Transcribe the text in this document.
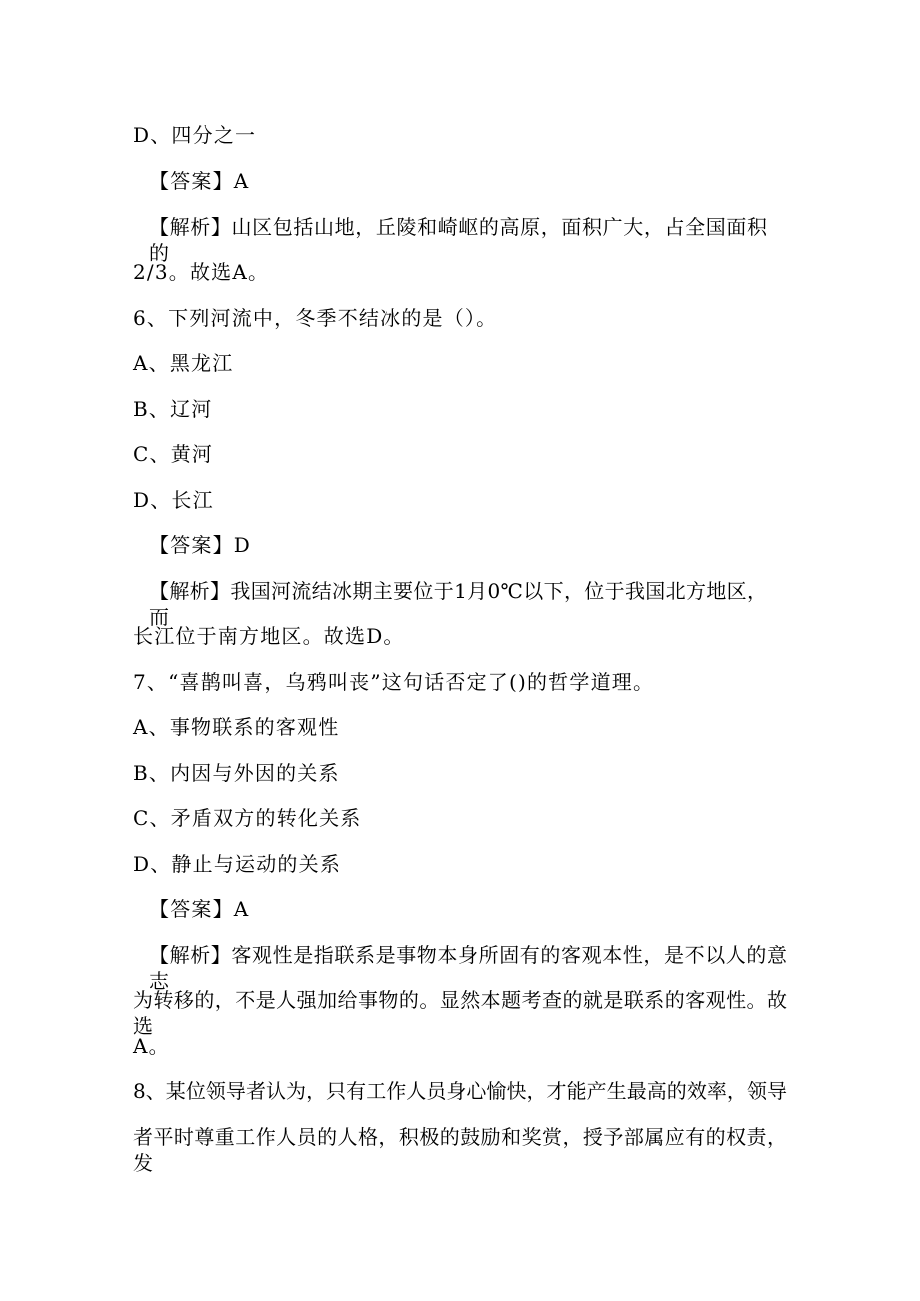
D、四分之一
【答案】A
【解析】山区包括山地，丘陵和崎岖的高原，面积广大，占全国面积的
2/3。故选A。
6、下列河流中，冬季不结冰的是（）。
A、黑龙江
B、辽河
C、黄河
D、长江
【答案】D
【解析】我国河流结冰期主要位于1月0℃以下，位于我国北方地区，而
长江位于南方地区。故选D。
7、“喜鹊叫喜，乌鸦叫丧”这句话否定了()的哲学道理。
A、事物联系的客观性
B、内因与外因的关系
C、矛盾双方的转化关系
D、静止与运动的关系
【答案】A
【解析】客观性是指联系是事物本身所固有的客观本性，是不以人的意志
为转移的，不是人强加给事物的。显然本题考查的就是联系的客观性。故选
A。
8、某位领导者认为，只有工作人员身心愉快，才能产生最高的效率，领导
者平时尊重工作人员的人格，积极的鼓励和奖赏，授予部属应有的权责，发
